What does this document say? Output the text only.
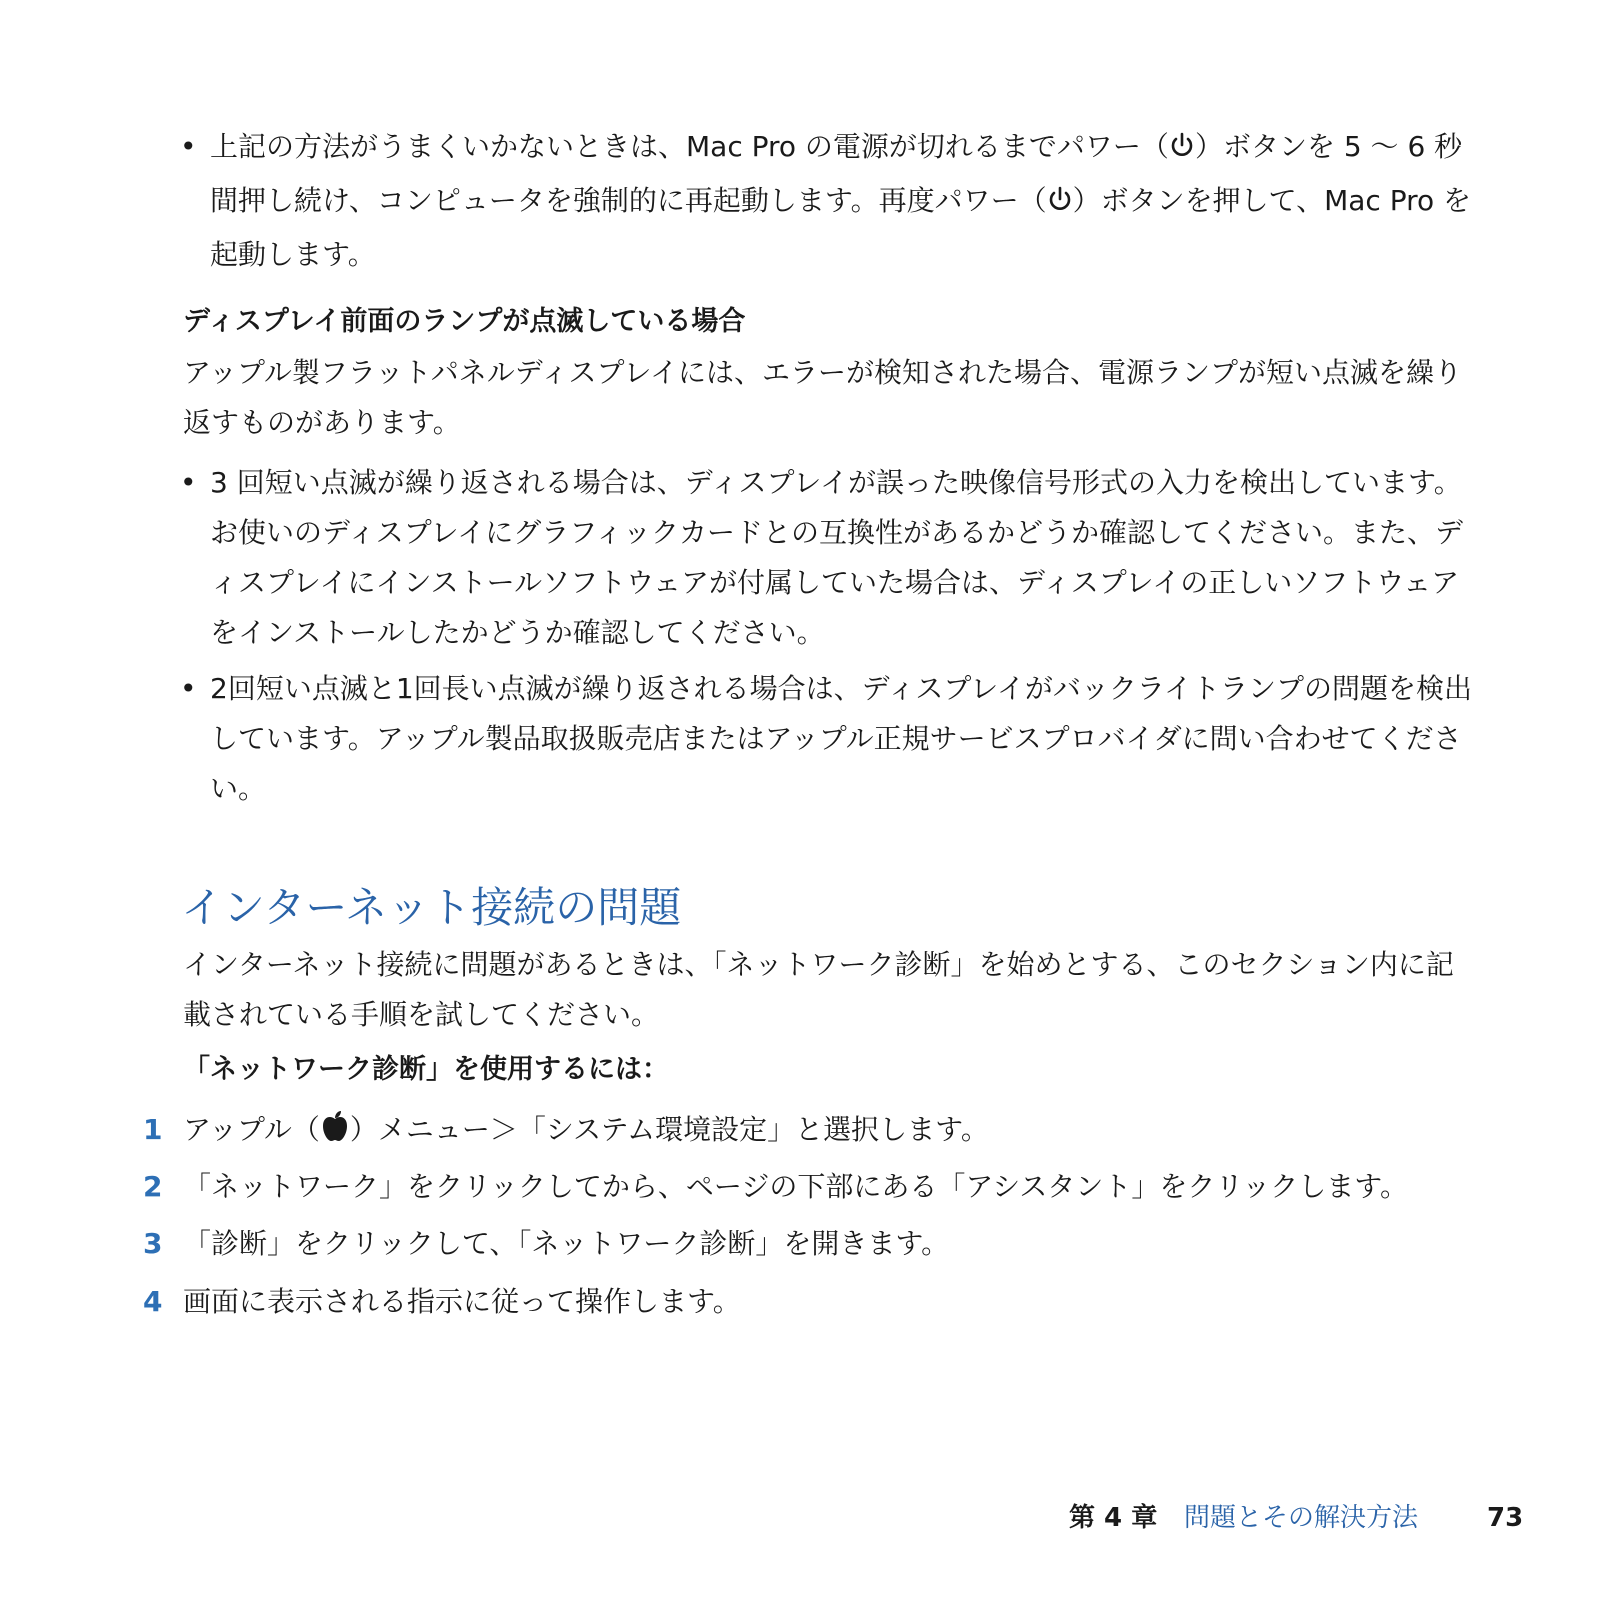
• 上記の方法がうまくいかないときは、Mac Pro の電源が切れるまでパワー（ ）ボタンを 5 〜 6 秒間押し続け、コンピュータを強制的に再起動します。再度パワー（ ）ボタンを押して、Mac Pro を起動します。
ディスプレイ前面のランプが点滅している場合

アップル製フラットパネルディスプレイには、エラーが検知された場合、電源ランプが短い点滅を繰り返すものがあります。

• 3 回短い点滅が繰り返される場合は、ディスプレイが誤った映像信号形式の入力を検出しています。お使いのディスプレイにグラフィックカードとの互換性があるかどうか確認してください。また、ディスプレイにインストールソフトウェアが付属していた場合は、ディスプレイの正しいソフトウェアをインストールしたかどうか確認してください。
• 2回短い点滅と1回長い点滅が繰り返される場合は、ディスプレイがバックライトランプの問題を検出しています。アップル製品取扱販売店またはアップル正規サービスプロバイダに問い合わせてください。
インターネット接続の問題

インターネット接続に問題があるときは、「ネットワーク診断」を始めとする、このセクション内に記載されている手順を試してください。

「ネットワーク診断」を使用するには：
1 アップル（ ）メニュー＞「システム環境設定」と選択します。
2 「ネットワーク」をクリックしてから、ページの下部にある「アシスタント」をクリックします。
3 「診断」をクリックして、「ネットワーク診断」を開きます。
4 画面に表示される指示に従って操作します。
第 4 章 問題とその解決方法	73
